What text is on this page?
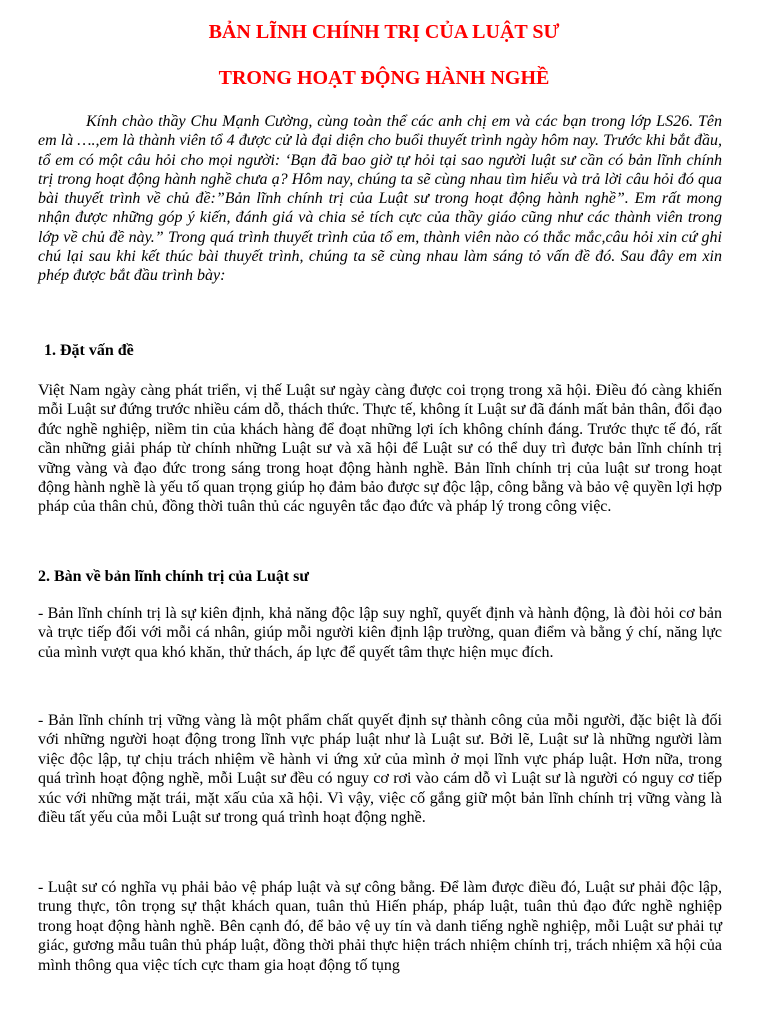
BẢN LĨNH CHÍNH TRỊ CỦA LUẬT SƯ
TRONG HOẠT ĐỘNG HÀNH NGHỀ

Kính chào thầy Chu Mạnh Cường, cùng toàn thể các anh chị em và các bạn trong lớp LS26. Tên em là ….,em là thành viên tổ 4 được cử là đại diện cho buổi thuyết trình ngày hôm nay. Trước khi bắt đầu, tổ em có một câu hỏi cho mọi người: ‘Bạn đã bao giờ tự hỏi tại sao người luật sư cần có bản lĩnh chính trị trong hoạt động hành nghề chưa ạ? Hôm nay, chúng ta sẽ cùng nhau tìm hiểu và trả lời câu hỏi đó qua bài thuyết trình về chủ đề:”Bản lĩnh chính trị của Luật sư trong hoạt động hành nghề”. Em rất mong nhận được những góp ý kiến, đánh giá và chia sẻ tích cực của thầy giáo cũng như các thành viên trong lớp về chủ đề này.” Trong quá trình thuyết trình của tổ em, thành viên nào có thắc mắc,câu hỏi xin cứ ghi chú lại sau khi kết thúc bài thuyết trình, chúng ta sẽ cùng nhau làm sáng tỏ vấn đề đó. Sau đây em xin phép được bắt đầu trình bày:

1. Đặt vấn đề

Việt Nam ngày càng phát triển, vị thế Luật sư ngày càng được coi trọng trong xã hội. Điều đó càng khiến mỗi Luật sư đứng trước nhiều cám dỗ, thách thức. Thực tế, không ít Luật sư đã đánh mất bản thân, đổi đạo đức nghề nghiệp, niềm tin của khách hàng để đoạt những lợi ích không chính đáng. Trước thực tế đó, rất cần những giải pháp từ chính những Luật sư và xã hội để Luật sư có thể duy trì được bản lĩnh chính trị vững vàng và đạo đức trong sáng trong hoạt động hành nghề. Bản lĩnh chính trị của luật sư trong hoạt động hành nghề là yếu tố quan trọng giúp họ đảm bảo được sự độc lập, công bằng và bảo vệ quyền lợi hợp pháp của thân chủ, đồng thời tuân thủ các nguyên tắc đạo đức và pháp lý trong công việc.

2. Bàn về bản lĩnh chính trị của Luật sư

- Bản lĩnh chính trị là sự kiên định, khả năng độc lập suy nghĩ, quyết định và hành động, là đòi hỏi cơ bản và trực tiếp đối với mỗi cá nhân, giúp mỗi người kiên định lập trường, quan điểm và bằng ý chí, năng lực của mình vượt qua khó khăn, thử thách, áp lực để quyết tâm thực hiện mục đích.

- Bản lĩnh chính trị vững vàng là một phẩm chất quyết định sự thành công của mỗi người, đặc biệt là đối với những người hoạt động trong lĩnh vực pháp luật như là Luật sư. Bởi lẽ, Luật sư là những người làm việc độc lập, tự chịu trách nhiệm về hành vi ứng xử của mình ở mọi lĩnh vực pháp luật. Hơn nữa, trong quá trình hoạt động nghề, mỗi Luật sư đều có nguy cơ rơi vào cám dỗ vì Luật sư là người có nguy cơ tiếp xúc với những mặt trái, mặt xấu của xã hội. Vì vậy, việc cố gắng giữ một bản lĩnh chính trị vững vàng là điều tất yếu của mỗi Luật sư trong quá trình hoạt động nghề.

- Luật sư có nghĩa vụ phải bảo vệ pháp luật và sự công bằng. Để làm được điều đó, Luật sư phải độc lập, trung thực, tôn trọng sự thật khách quan, tuân thủ Hiến pháp, pháp luật, tuân thủ đạo đức nghề nghiệp trong hoạt động hành nghề. Bên cạnh đó, để bảo vệ uy tín và danh tiếng nghề nghiệp, mỗi Luật sư phải tự giác, gương mẫu tuân thủ pháp luật, đồng thời phải thực hiện trách nhiệm chính trị, trách nhiệm xã hội của mình thông qua việc tích cực tham gia hoạt động tố tụng
